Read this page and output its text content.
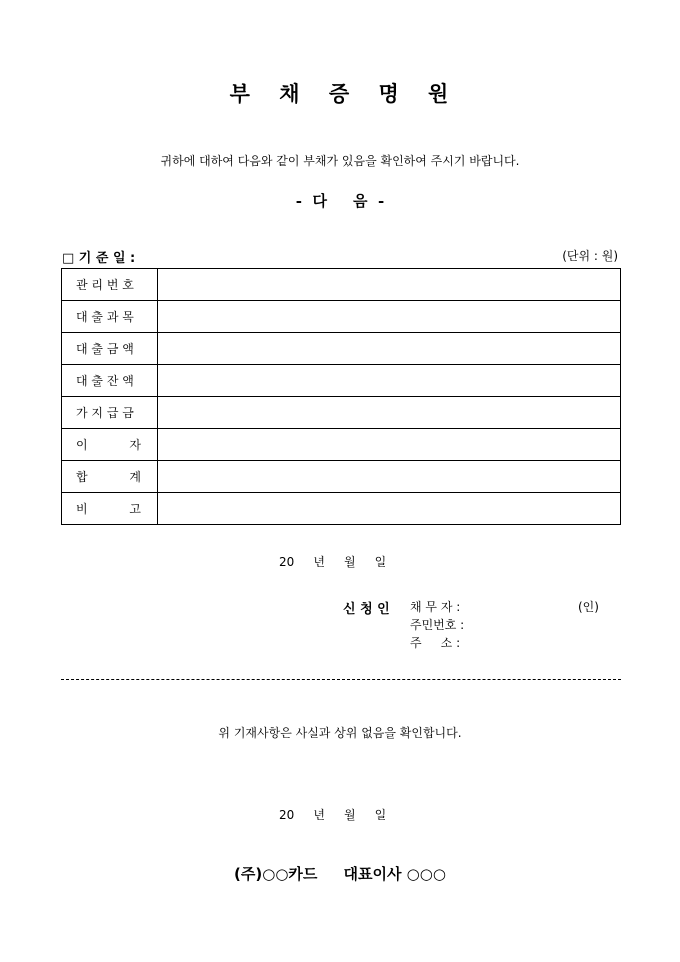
부 채 증 명 원
귀하에 대하여 다음와 같이 부채가 있음을 확인하여 주시기 바랍니다.
-  다     음  -
□ 기 준 일 :	(단위 : 원)
관 리 번 호	

대 출 과 목	

대 출 금 액	

대 출 잔 액	

가 지 급 금	

이 자	

합 계	

비 고	

20     년     월     일
신 청 인 채 무 자 :
주민번호 :
주     소 :
(인)
위 기재사항은 사실과 상위 없음을 확인합니다.
20     년     월     일
(주)○○카드     대표이사 ○○○
